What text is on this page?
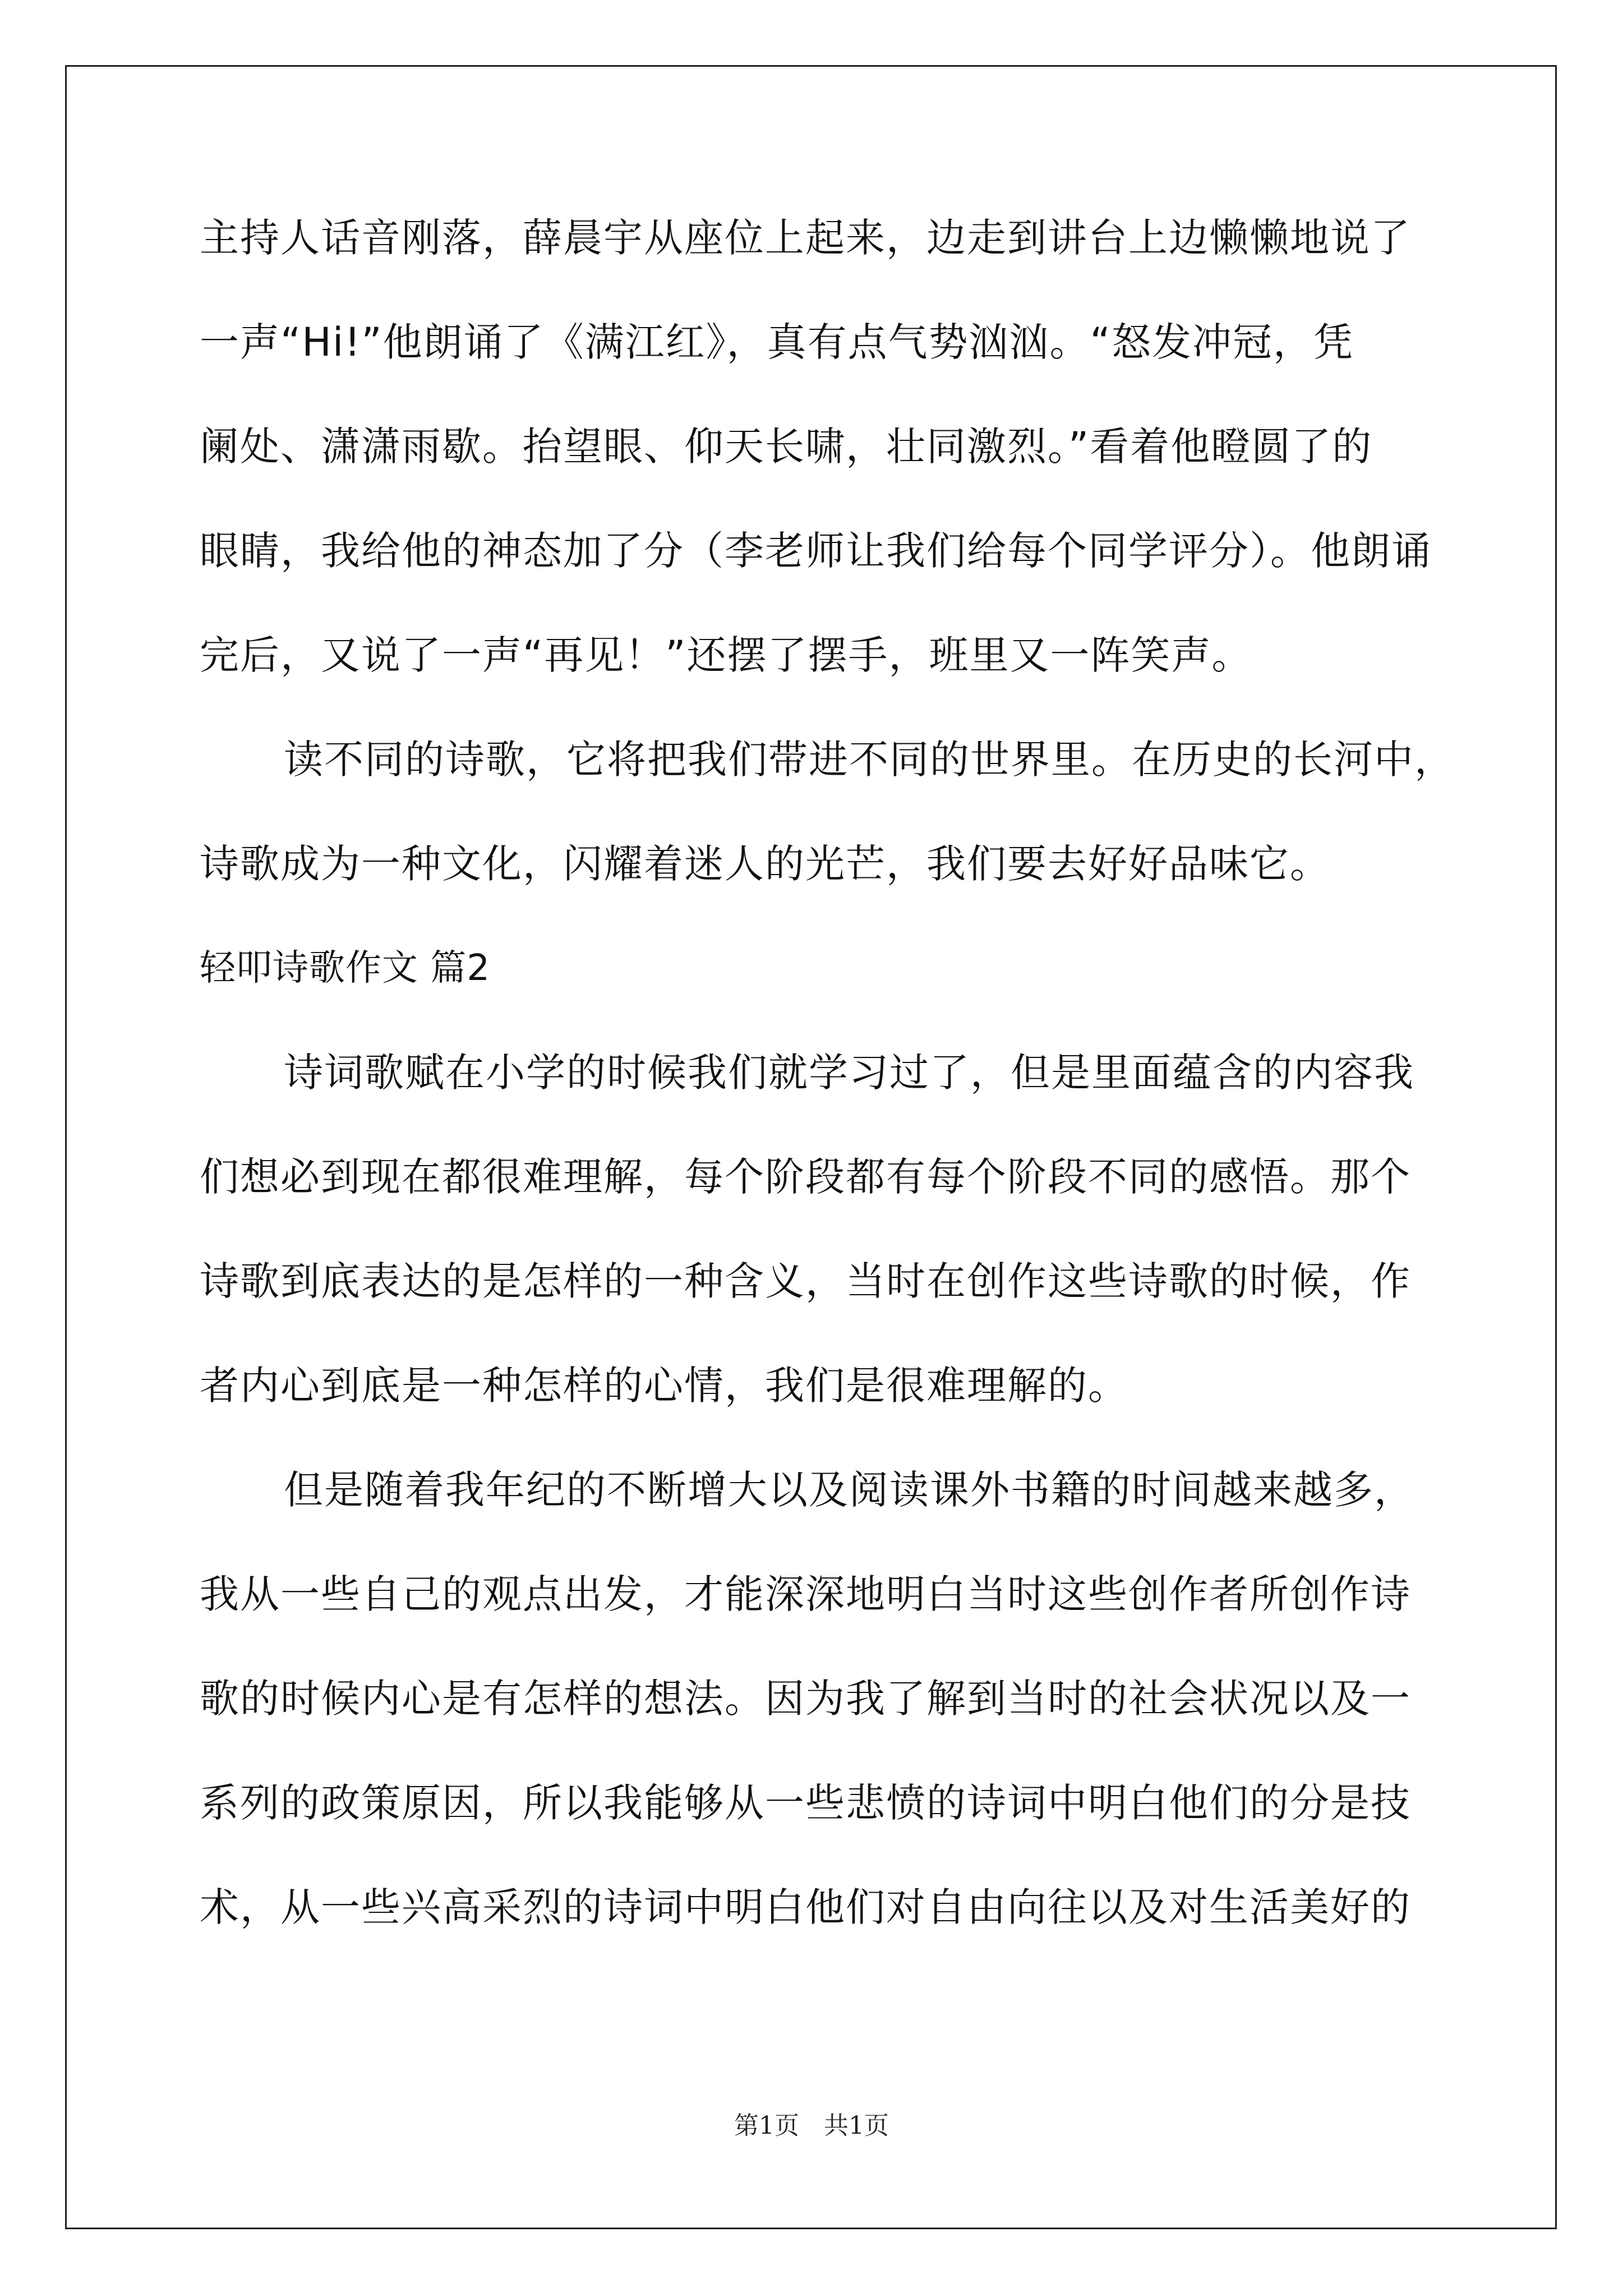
主持人话音刚落，薛晨宇从座位上起来，边走到讲台上边懒懒地说了
一声“Hi!”他朗诵了《满江红》，真有点气势汹汹。“怒发冲冠，凭
阑处、潇潇雨歇。抬望眼、仰天长啸，壮同激烈。”看着他瞪圆了的
眼睛，我给他的神态加了分（李老师让我们给每个同学评分）。他朗诵
完后，又说了一声“再见！”还摆了摆手，班里又一阵笑声。
读不同的诗歌，它将把我们带进不同的世界里。在历史的长河中，
诗歌成为一种文化，闪耀着迷人的光芒，我们要去好好品味它。
轻叩诗歌作文 篇2
诗词歌赋在小学的时候我们就学习过了，但是里面蕴含的内容我
们想必到现在都很难理解，每个阶段都有每个阶段不同的感悟。那个
诗歌到底表达的是怎样的一种含义，当时在创作这些诗歌的时候，作
者内心到底是一种怎样的心情，我们是很难理解的。
但是随着我年纪的不断增大以及阅读课外书籍的时间越来越多，
我从一些自己的观点出发，才能深深地明白当时这些创作者所创作诗
歌的时候内心是有怎样的想法。因为我了解到当时的社会状况以及一
系列的政策原因，所以我能够从一些悲愤的诗词中明白他们的分是技
术，从一些兴高采烈的诗词中明白他们对自由向往以及对生活美好的
第1页　共1页
